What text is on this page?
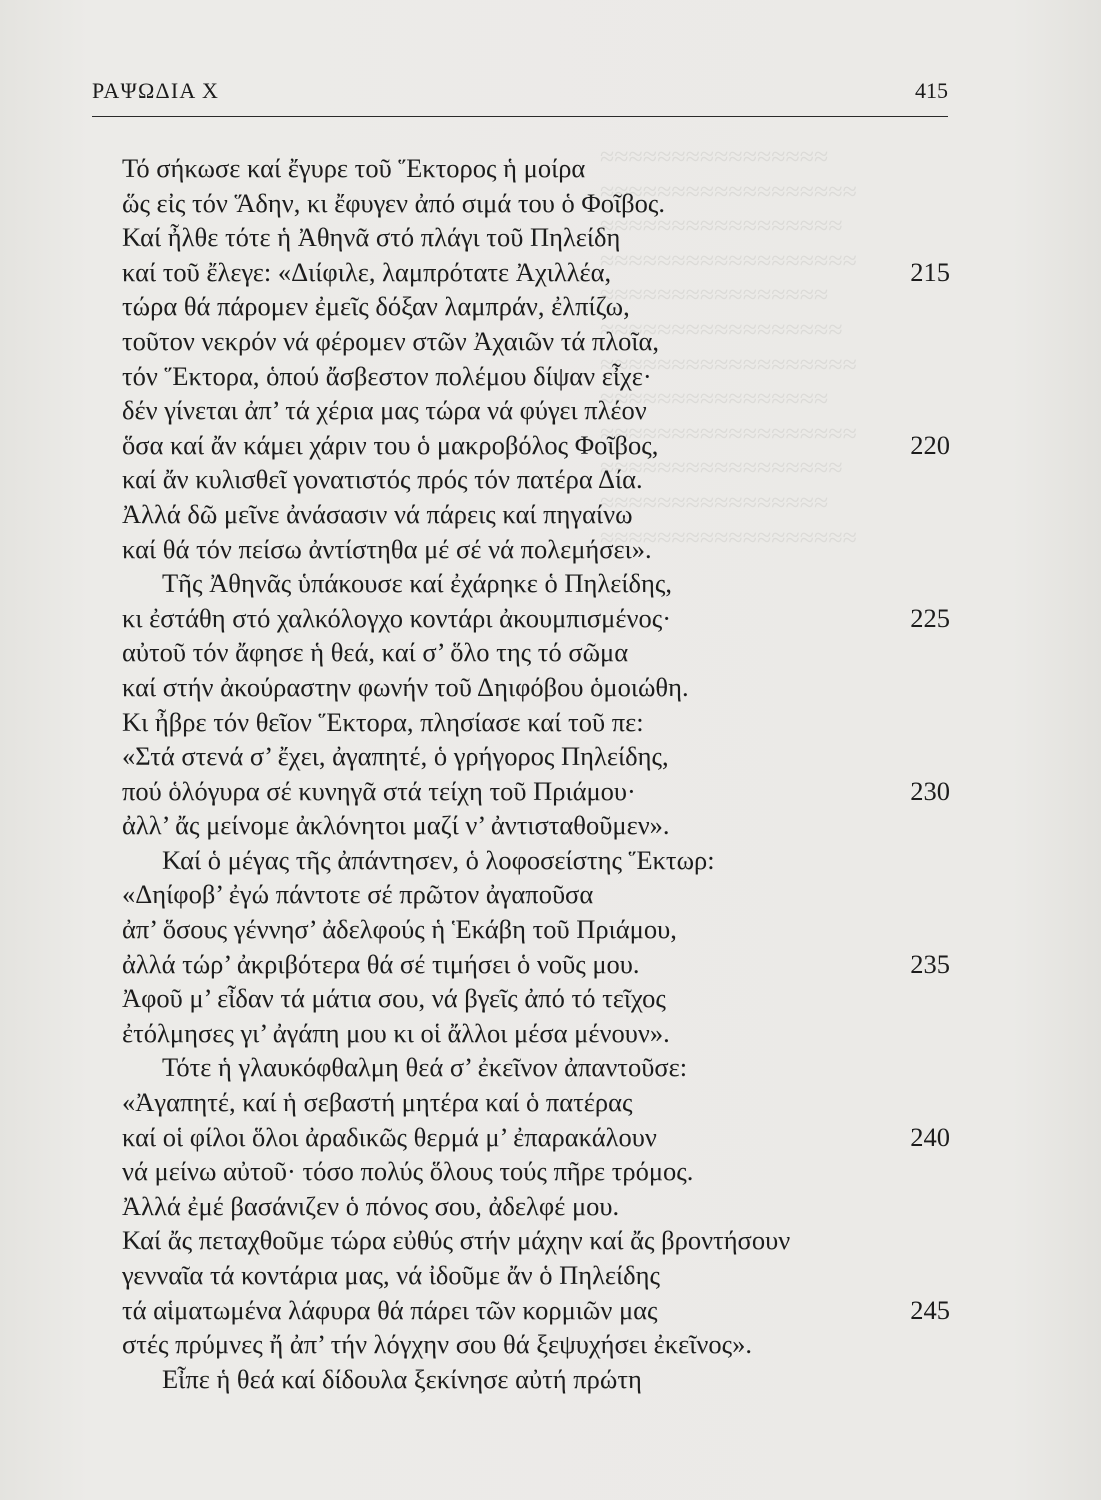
≈≈≈≈≈≈≈≈≈≈≈≈≈≈≈≈
≈≈≈≈≈≈≈≈≈≈≈≈≈≈≈≈≈≈
≈≈≈≈≈≈≈≈≈≈≈≈≈≈≈≈≈
≈≈≈≈≈≈≈≈≈≈≈≈≈≈≈≈≈≈
≈≈≈≈≈≈≈≈≈≈≈≈≈≈≈≈
≈≈≈≈≈≈≈≈≈≈≈≈≈≈≈≈≈
≈≈≈≈≈≈≈≈≈≈≈≈≈≈≈≈≈≈
≈≈≈≈≈≈≈≈≈≈≈≈≈≈≈≈
≈≈≈≈≈≈≈≈≈≈≈≈≈≈≈≈≈≈
≈≈≈≈≈≈≈≈≈≈≈≈≈≈≈≈≈
≈≈≈≈≈≈≈≈≈≈≈≈≈≈≈≈
≈≈≈≈≈≈≈≈≈≈≈≈≈≈≈≈≈≈

ΡΑΨΩΔΙΑ Χ	415
Τό σήκωσε καί ἔγυρε τοῦ Ἕκτορος ἡ μοίρα
ὥς εἰς τόν Ἅδην, κι ἔφυγεν ἀπό σιμά του ὁ Φοῖβος.
Καί ἦλθε τότε ἡ Ἀθηνᾶ στό πλάγι τοῦ Πηλείδη
καί τοῦ ἔλεγε: «Διίφιλε, λαμπρότατε Ἀχιλλέα,	215
τώρα θά πάρομεν ἐμεῖς δόξαν λαμπράν, ἐλπίζω,
τοῦτον νεκρόν νά φέρομεν στῶν Ἀχαιῶν τά πλοῖα,
τόν Ἕκτορα, ὁπού ἄσβεστον πολέμου δίψαν εἶχε·
δέν γίνεται ἀπ’ τά χέρια μας τώρα νά φύγει πλέον
ὅσα καί ἄν κάμει χάριν του ὁ μακροβόλος Φοῖβος,	220
καί ἄν κυλισθεῖ γονατιστός πρός τόν πατέρα Δία.
Ἀλλά δῶ μεῖνε ἀνάσασιν νά πάρεις καί πηγαίνω
καί θά τόν πείσω ἀντίστηθα μέ σέ νά πολεμήσει».
Τῆς Ἀθηνᾶς ὑπάκουσε καί ἐχάρηκε ὁ Πηλείδης,
κι ἐστάθη στό χαλκόλογχο κοντάρι ἀκουμπισμένος·	225
αὐτοῦ τόν ἄφησε ἡ θεά, καί σ’ ὅλο της τό σῶμα
καί στήν ἀκούραστην φωνήν τοῦ Δηιφόβου ὁμοιώθη.
Κι ἦβρε τόν θεῖον Ἕκτορα, πλησίασε καί τοῦ πε:
«Στά στενά σ’ ἔχει, ἀγαπητέ, ὁ γρήγορος Πηλείδης,
πού ὁλόγυρα σέ κυνηγᾶ στά τείχη τοῦ Πριάμου·	230
ἀλλ’ ἄς μείνομε ἀκλόνητοι μαζί ν’ ἀντισταθοῦμεν».
Καί ὁ μέγας τῆς ἀπάντησεν, ὁ λοφοσείστης Ἕκτωρ:
«Δηίφοβ’ ἐγώ πάντοτε σέ πρῶτον ἀγαποῦσα
ἀπ’ ὅσους γέννησ’ ἀδελφούς ἡ Ἑκάβη τοῦ Πριάμου,
ἀλλά τώρ’ ἀκριβότερα θά σέ τιμήσει ὁ νοῦς μου.	235
Ἀφοῦ μ’ εἶδαν τά μάτια σου, νά βγεῖς ἀπό τό τεῖχος
ἐτόλμησες γι’ ἀγάπη μου κι οἱ ἄλλοι μέσα μένουν».
Τότε ἡ γλαυκόφθαλμη θεά σ’ ἐκεῖνον ἀπαντοῦσε:
«Ἀγαπητέ, καί ἡ σεβαστή μητέρα καί ὁ πατέρας
καί οἱ φίλοι ὅλοι ἀραδικῶς θερμά μ’ ἐπαρακάλουν	240
νά μείνω αὐτοῦ· τόσο πολύς ὅλους τούς πῆρε τρόμος.
Ἀλλά ἐμέ βασάνιζεν ὁ πόνος σου, ἀδελφέ μου.
Καί ἄς πεταχθοῦμε τώρα εὐθύς στήν μάχην καί ἄς βροντήσουν
γενναῖα τά κοντάρια μας, νά ἰδοῦμε ἄν ὁ Πηλείδης
τά αἱματωμένα λάφυρα θά πάρει τῶν κορμιῶν μας	245
στές πρύμνες ἤ ἀπ’ τήν λόγχην σου θά ξεψυχήσει ἐκεῖνος».
Εἶπε ἡ θεά καί δίδουλα ξεκίνησε αὐτή πρώτη
